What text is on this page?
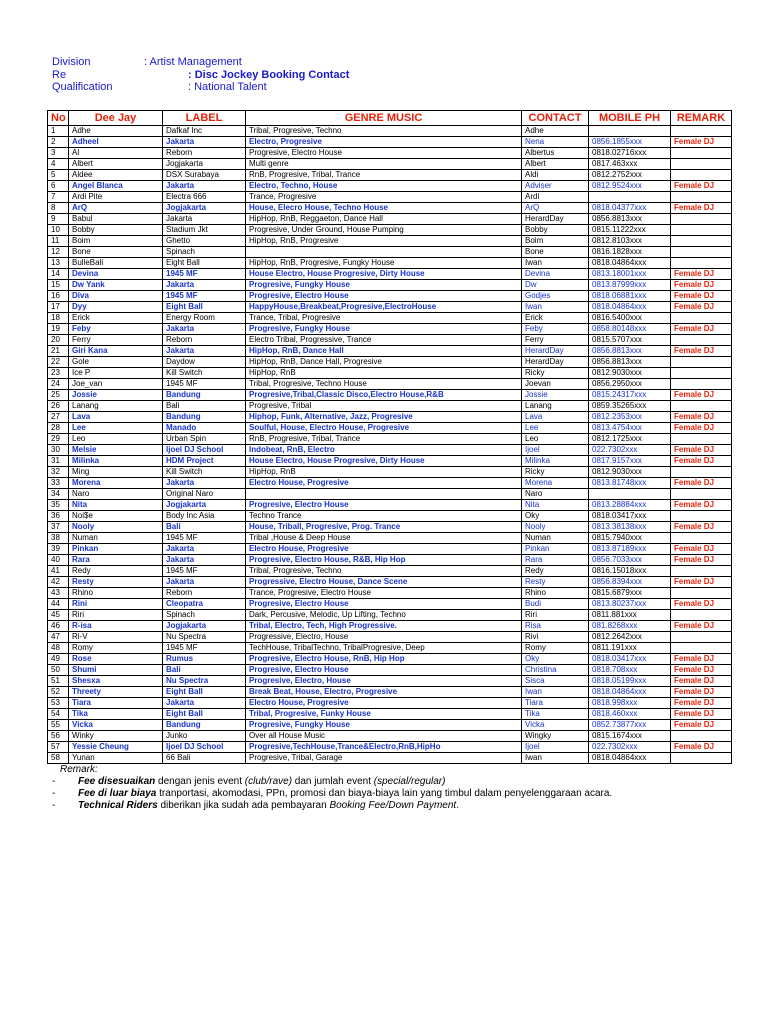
Division	: Artist Management
Re	: Disc Jockey Booking Contact
Qualification	: National Talent
No	Dee Jay	LABEL	GENRE MUSIC	CONTACT	MOBILE PH	REMARK
1	Adhe	Dafkaf Inc	Tribal, Progresive, Techno	Adhe		
2	Adheel	Jakarta	Electro, Progresive	Nena	0856.1855xxx	Female DJ
3	Al	Reborn	Progresive, Electro House	Albertus	0818.02716xxx	
4	Albert	Jogjakarta	Multi genre	Albert	0817.463xxx	
5	Aldee	DSX Surabaya	RnB, Progresive, Tribal, Trance	Aldi	0812.2752xxx	
6	Angel Blanca	Jakarta	Electro, Techno, House	Adviser	0812.9524xxx	Female DJ
7	Ardi Pite	Electra 666	Trance, Progresive	Ardi		
8	ArQ	Jogjakarta	House, Elecro House, Techno House	ArQ	0818.04377xxx	Female DJ
9	Babul	Jakarta	HipHop, RnB, Reggaeton, Dance Hall	HerardDay	0856.8813xxx	
10	Bobby	Stadium Jkt	Progresive, Under Ground, House Pumping	Bobby	0815.11222xxx	
11	Boim	Ghetto	HipHop, RnB, Progresive	Boim	0812.8103xxx	
12	Bone	Spinach		Bone	0816.1828xxx	
13	BulleBali	Eight Ball	HipHop, RnB, Progresive, Fungky House	Iwan	0818.04864xxx	
14	Devina	1945 MF	House Electro, House Progresive, Dirty House	Devina	0813.18001xxx	Female DJ
15	Dw Yank	Jakarta	Progresive, Fungky House	Dw	0813.87999xxx	Female DJ
16	Diva	1945 MF	Progresive, Electro House	Godjes	0818.06881xxx	Female DJ
17	Dyy	Eight Ball	HappyHouse,Breakbeat,Progresive,ElectroHouse	Iwan	0818.04864xxx	Female DJ
18	Erick	Energy Room	Trance, Tribal, Progresive	Erick	0816.5400xxx	
19	Feby	Jakarta	Progresive, Fungky House	Feby	0858.80148xxx	Female DJ
20	Ferry	Reborn	Electro Tribal, Progressive, Trance	Ferry	0815.5707xxx	
21	Giri Kana	Jakarta	HipHop, RnB, Dance Hall	HerardDay	0856.8813xxx	Female DJ
22	Gole	Daydow	HipHop, RnB, Dance Hall, Progresive	HerardDay	0856.8813xxx	
23	Ice P	Kill Switch	HipHop, RnB	Ricky	0812.9030xxx	
24	Joe_van	1945 MF	Tribal, Progresive, Techno House	Joevan	0856.2950xxx	
25	Jossie	Bandung	Progresive,Tribal,Classic Disco,Electro House,R&B	Jossie	0815.24317xxx	Female DJ
26	Lanang	Bali	Progresive, Tribal	Lanang	0859.35265xxx	
27	Lava	Bandung	Hiphop, Funk, Alternative, Jazz, Progresive	Lava	0812.2353xxx	Female DJ
28	Lee	Manado	Soulful, House, Electro House, Progresive	Lee	0813.4754xxx	Female DJ
29	Leo	Urban Spin	RnB, Progresive, Tribal, Trance	Leo	0812.1725xxx	
30	Melsie	Ijoel DJ School	Indobeat, RnB, Electro	Ijoel	022.7302xxx	Female DJ
31	Milinka	HDM Project	House Electro, House Progresive, Dirty House	Milinka	0817.9157xxx	Female DJ
32	Ming	Kill Switch	HipHop, RnB	Ricky	0812.9030xxx	
33	Morena	Jakarta	Electro House, Progresive	Morena	0813.81748xxx	Female DJ
34	Naro	Original Naro		Naro		
35	Nita	Jogjakarta	Progresive, Electro House	Nita	0813.28884xxx	Female DJ
36	Noi$e	Body Inc Asia	Techno Trance	Oky	0818.03417xxx	
37	Nooly	Bali	House, Triball, Progresive, Prog. Trance	Nooly	0813.38138xxx	Female DJ
38	Numan	1945 MF	Tribal ,House & Deep House	Numan	0815.7940xxx	
39	Pinkan	Jakarta	Electro House, Progresive	Pinkan	0813.87189xxx	Female DJ
40	Rara	Jakarta	Progresive, Electro House, R&B, Hip Hop	Rara	0856.7033xxx	Female DJ
41	Redy	1945 MF	Tribal, Progresive, Techno	Redy	0816.15018xxx	
42	Resty	Jakarta	Progressive, Electro House, Dance Scene	Resty	0856.8394xxx	Female DJ
43	Rhino	Reborn	Trance, Progresive, Electro House	Rhino	0815.6879xxx	
44	Rini	Cleopatra	Progresive, Electro House	Budi	0813.80237xxx	Female DJ
45	Riri	Spinach	Dark, Percusive, Melodic, Up Lifting, Techno	Riri	0811.881xxx	
46	R-isa	Jogjakarta	Tribal, Electro, Tech, High Progressive.	Risa	081.8268xxx	Female DJ
47	Ri-V	Nu Spectra	Progressive, Electro, House	Rivi	0812.2642xxx	
48	Romy	1945 MF	TechHouse, TribalTechno, TribalProgresive, Deep	Romy	0811.191xxx	
49	Rose	Rumus	Progresive, Electro House, RnB, Hip Hop	Oky	0818.03417xxx	Female DJ
50	Shumi	Bali	Progresive, Electro House	Christina	0818.708xxx	Female DJ
51	Shesxa	Nu Spectra	Progresive, Electro, House	Sisca	0818.05199xxx	Female DJ
52	Threety	Eight Ball	Break Beat, House, Electro, Progresive	Iwan	0818.04864xxx	Female DJ
53	Tiara	Jakarta	Electro House, Progresive	Tiara	0818.998xxx	Female DJ
54	Tika	Eight Ball	Tribal, Progresive, Funky House	Tika	0818.460xxx	Female DJ
55	Vicka	Bandung	Progresive, Fungky House	Vicka	0852.73877xxx	Female DJ
56	Winky	Junko	Over all House Music	Wingky	0815.1674xxx	
57	Yessie Cheung	Ijoel DJ School	Progresive,TechHouse,Trance&Electro,RnB,HipHo	Ijoel	022.7302xxx	Female DJ
58	Yunan	66 Bali	Progresive, Tribal, Garage	Iwan	0818.04864xxx	
Remark:
-	Fee disesuaikan dengan jenis event (club/rave) dan jumlah event (special/regular)
-	Fee di luar biaya tranportasi, akomodasi, PPn, promosi dan biaya-biaya lain yang timbul dalam penyelenggaraan acara.
-	Technical Riders diberikan jika sudah ada pembayaran Booking Fee/Down Payment.
